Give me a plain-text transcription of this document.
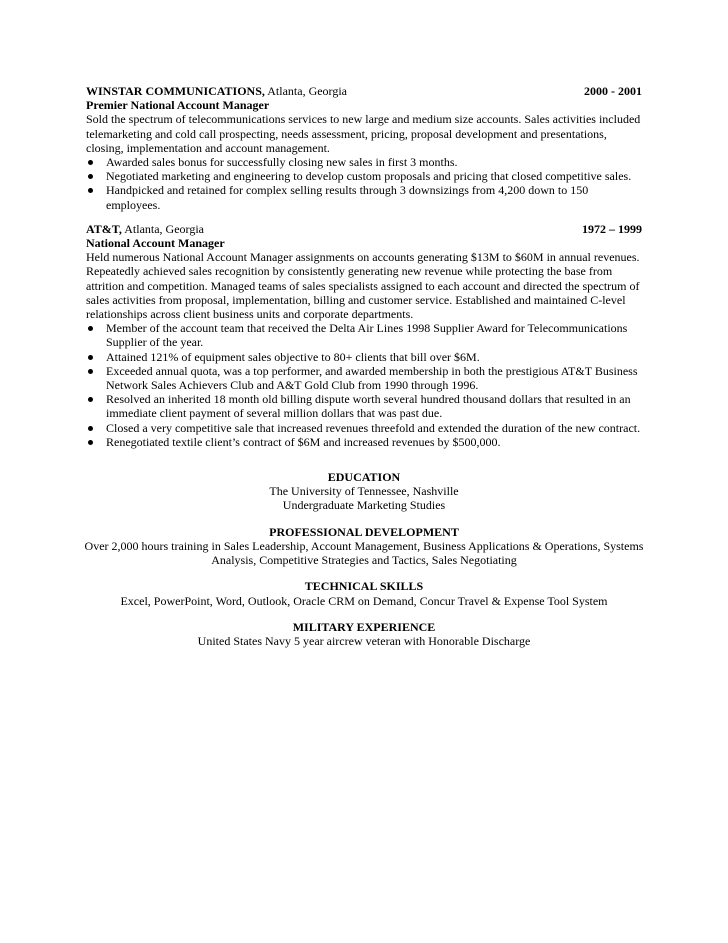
WINSTAR COMMUNICATIONS, Atlanta, Georgia	2000 - 2001
Premier National Account Manager

Sold the spectrum of telecommunications services to new large and medium size accounts. Sales activities included telemarketing and cold call prospecting, needs assessment, pricing, proposal development and presentations, closing, implementation and account management.

Awarded sales bonus for successfully closing new sales in first 3 months.
Negotiated marketing and engineering to develop custom proposals and pricing that closed competitive sales.
Handpicked and retained for complex selling results through 3 downsizings from 4,200 down to 150 employees.
AT&T, Atlanta, Georgia	1972 – 1999
National Account Manager

Held numerous National Account Manager assignments on accounts generating $13M to $60M in annual revenues. Repeatedly achieved sales recognition by consistently generating new revenue while protecting the base from attrition and competition. Managed teams of sales specialists assigned to each account and directed the spectrum of sales activities from proposal, implementation, billing and customer service. Established and maintained C-level relationships across client business units and corporate departments.

Member of the account team that received the Delta Air Lines 1998 Supplier Award for Telecommunications Supplier of the year.
Attained 121% of equipment sales objective to 80+ clients that bill over $6M.
Exceeded annual quota, was a top performer, and awarded membership in both the prestigious AT&T Business Network Sales Achievers Club and A&T Gold Club from 1990 through 1996.
Resolved an inherited 18 month old billing dispute worth several hundred thousand dollars that resulted in an immediate client payment of several million dollars that was past due.
Closed a very competitive sale that increased revenues threefold and extended the duration of the new contract.
Renegotiated textile client’s contract of $6M and increased revenues by $500,000.
EDUCATION
The University of Tennessee, Nashville
Undergraduate Marketing Studies
PROFESSIONAL DEVELOPMENT
Over 2,000 hours training in Sales Leadership, Account Management, Business Applications & Operations, Systems Analysis, Competitive Strategies and Tactics, Sales Negotiating
TECHNICAL SKILLS
Excel, PowerPoint, Word, Outlook, Oracle CRM on Demand, Concur Travel & Expense Tool System
MILITARY EXPERIENCE
United States Navy 5 year aircrew veteran with Honorable Discharge
